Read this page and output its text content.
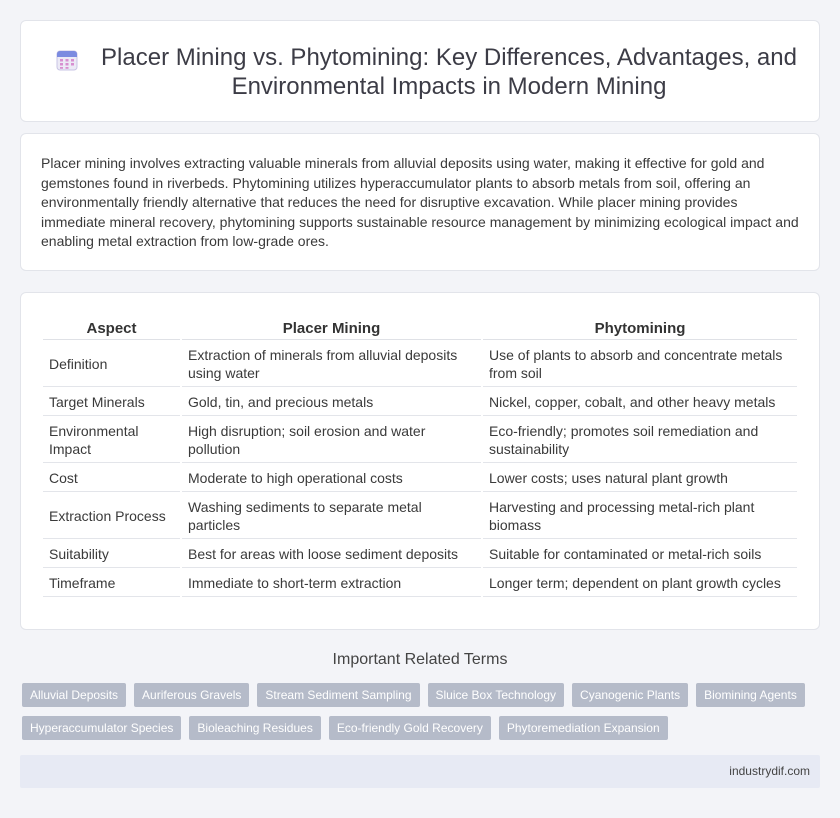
Placer Mining vs. Phytomining: Key Differences, Advantages, and Environmental Impacts in Modern Mining

Placer mining involves extracting valuable minerals from alluvial deposits using water, making it effective for gold and gemstones found in riverbeds. Phytomining utilizes hyperaccumulator plants to absorb metals from soil, offering an environmentally friendly alternative that reduces the need for disruptive excavation. While placer mining provides immediate mineral recovery, phytomining supports sustainable resource management by minimizing ecological impact and enabling metal extraction from low-grade ores.

Aspect	Placer Mining	Phytomining
Definition	Extraction of minerals from alluvial deposits using water	Use of plants to absorb and concentrate metals from soil
Target Minerals	Gold, tin, and precious metals	Nickel, copper, cobalt, and other heavy metals
Environmental Impact	High disruption; soil erosion and water pollution	Eco-friendly; promotes soil remediation and sustainability
Cost	Moderate to high operational costs	Lower costs; uses natural plant growth
Extraction Process	Washing sediments to separate metal particles	Harvesting and processing metal-rich plant biomass
Suitability	Best for areas with loose sediment deposits	Suitable for contaminated or metal-rich soils
Timeframe	Immediate to short-term extraction	Longer term; dependent on plant growth cycles
Important Related Terms
Alluvial Deposits	Auriferous Gravels	Stream Sediment Sampling	Sluice Box Technology	Cyanogenic Plants	Biomining Agents
Hyperaccumulator Species	Bioleaching Residues	Eco-friendly Gold Recovery	Phytoremediation Expansion
industrydif.com
